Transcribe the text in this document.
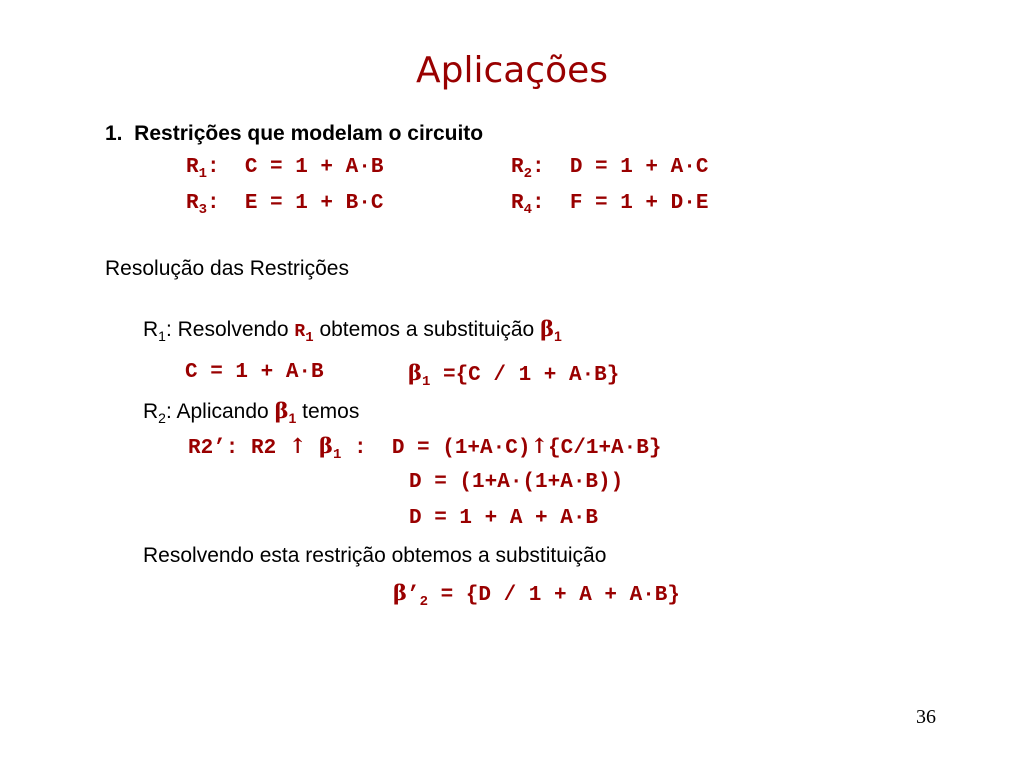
Aplicações
1.  Restrições que modelam o circuito
$R_1$:  C = 1 + A·B	$R_2$:  D = 1 + A·C
$R_3$:  E = 1 + B·C	$R_4$:  F = 1 + D·E
Resolução das Restrições
$R_1$: Resolvendo $R_1$ obtemos a substituição $\beta_1$
C = 1 + A·B	$\beta_1 =\{C / 1 + A\cdot B\}$
$R_2$: Aplicando $\beta_1$ temos
R2’: R2 ↑ $\beta_1$ :  D = (1+A·C)↑{C/1+A·B}
D = (1+A·(1+A·B))
D = 1 + A + A·B
Resolvendo esta restrição obtemos a substituição
$\beta’_2 = \{D / 1 + A + A\cdot B\}$
36
